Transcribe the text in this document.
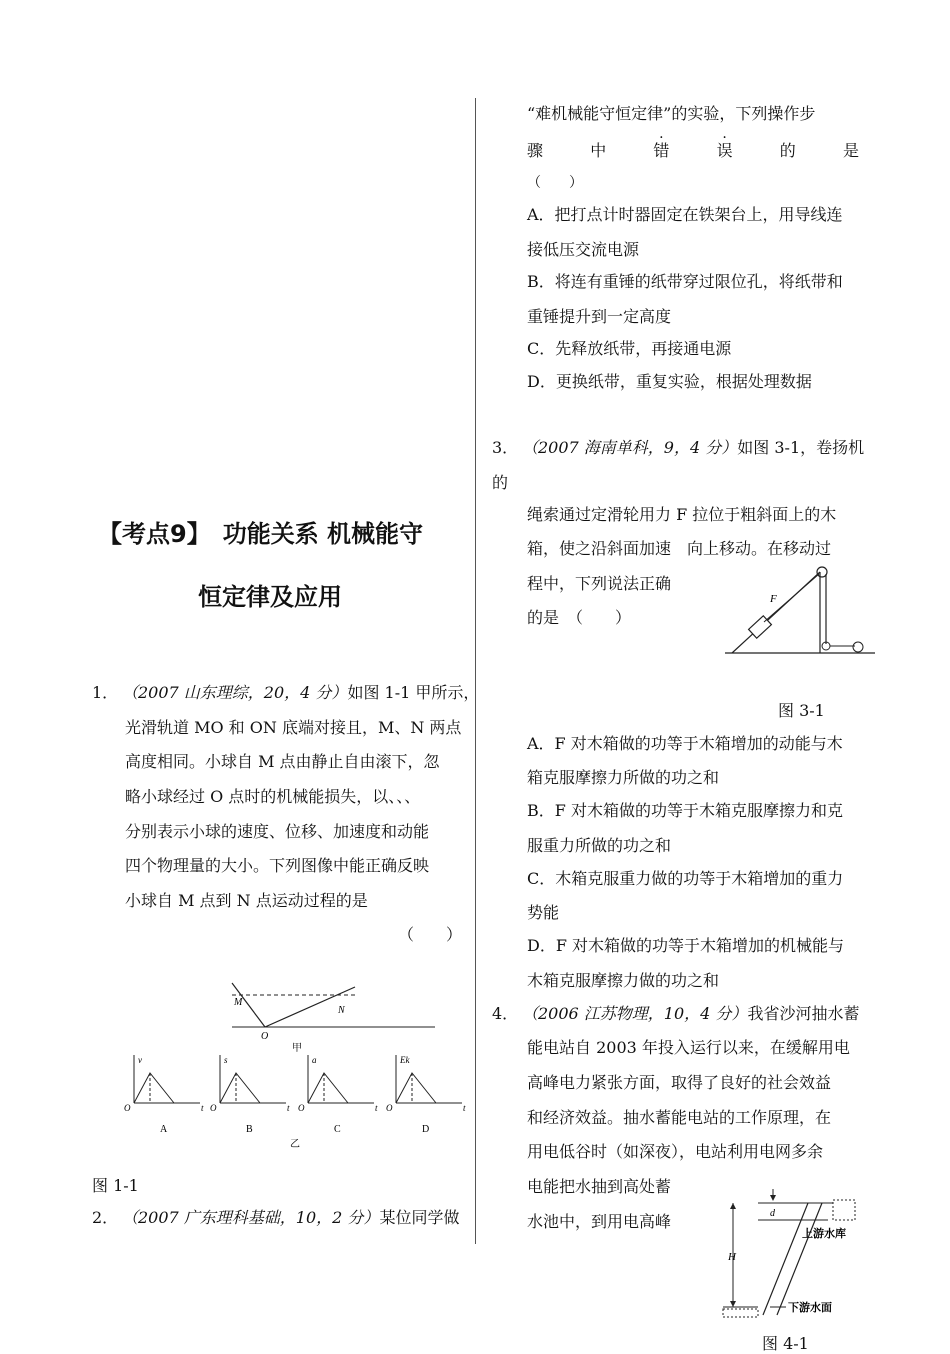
【考点9】　功能关系 机械能守
恒定律及应用
1． （2007 山东理综，20，4 分）如图 1-1 甲所示，
光滑轨道 MO 和 ON 底端对接且，M、N 两点
高度相同。小球自 M 点由静止自由滚下，忽
略小球经过 O 点时的机械能损失，以、、、
分别表示小球的速度、位移、加速度和动能
四个物理量的大小。下列图像中能正确反映
小球自 M 点到 N 点运动过程的是
（　　）
M
N
O
甲
v
O	t
A
s
O	t
B
a
O	t
C
Ek
O	t
D
乙
图 1-1
2． （2007 广东理科基础，10，2 分）某位同学做
“难机械能守恒定律”的实验，下列操作步
骤	中	错 ·	误 ·	的	是
（　　）
A．把打点计时器固定在铁架台上，用导线连
接低压交流电源
B．将连有重锤的纸带穿过限位孔，将纸带和
重锤提升到一定高度
C．先释放纸带，再接通电源
D．更换纸带，重复实验，根据处理数据
3． （2007 海南单科，9，4 分）如图 3-1，卷扬机
的
绳索通过定滑轮用力 F 拉位于粗斜面上的木
箱，使之沿斜面加速　向上移动。在移动过
程中，下列说法正确
的是　（　　）
F
图 3-1
A．F 对木箱做的功等于木箱增加的动能与木
箱克服摩擦力所做的功之和
B．F 对木箱做的功等于木箱克服摩擦力和克
服重力所做的功之和
C．木箱克服重力做的功等于木箱增加的重力
势能
D．F 对木箱做的功等于木箱增加的机械能与
木箱克服摩擦力做的功之和
4． （2006 江苏物理，10，4 分）我省沙河抽水蓄
能电站自 2003 年投入运行以来，在缓解用电
高峰电力紧张方面，取得了良好的社会效益
和经济效益。抽水蓄能电站的工作原理，在
用电低谷时（如深夜），电站利用电网多余
电能把水抽到高处蓄
水池中，到用电高峰	d
H
上游水库
下游水面
图 4-1
